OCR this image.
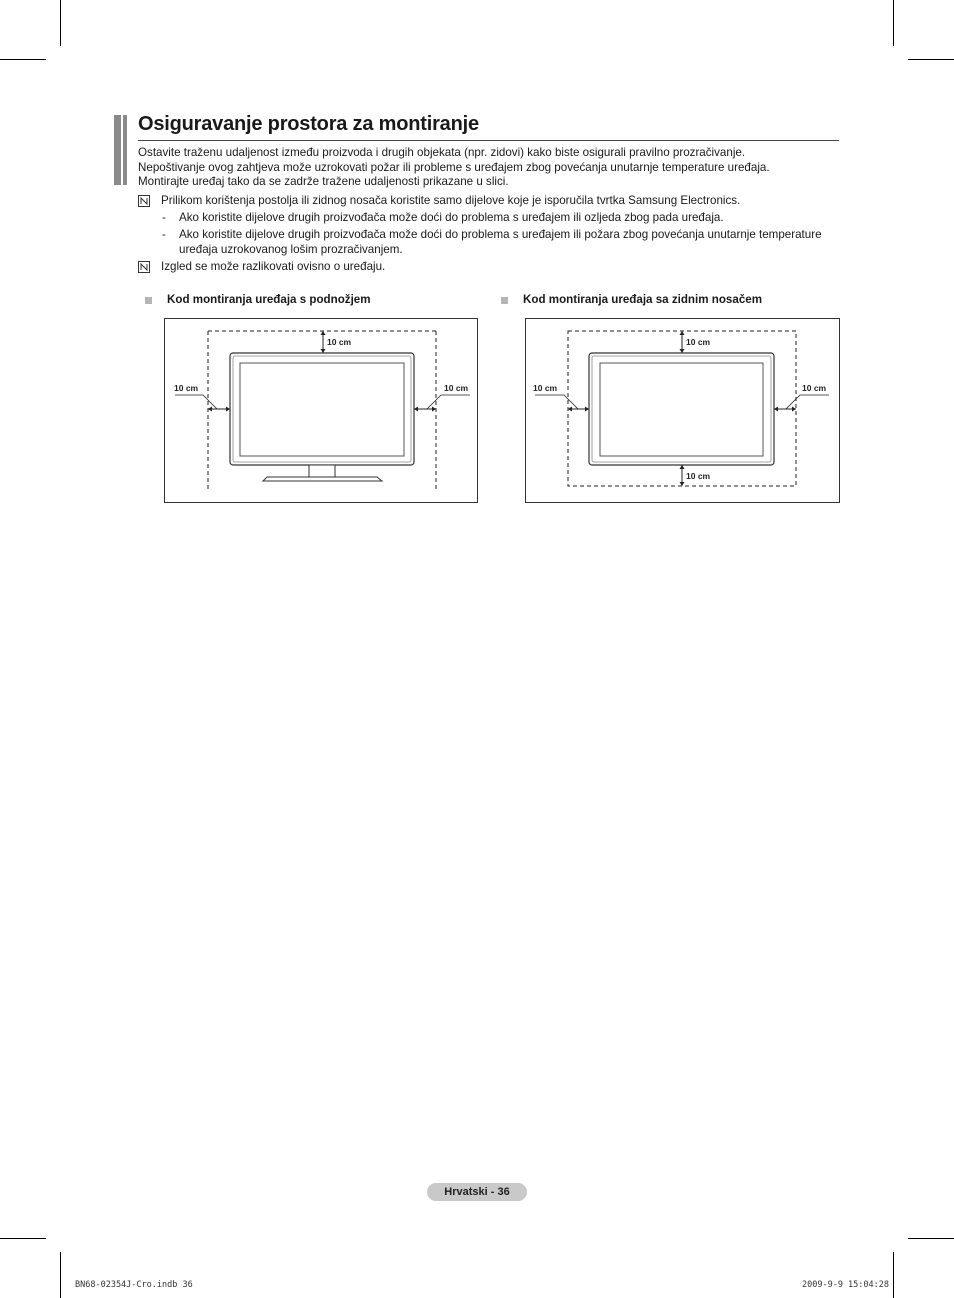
Osiguravanje prostora za montiranje

Ostavite traženu udaljenost između proizvoda i drugih objekata (npr. zidovi) kako biste osigurali pravilno prozračivanje.

Nepoštivanje ovog zahtjeva može uzrokovati požar ili probleme s uređajem zbog povećanja unutarnje temperature uređaja.

Montirajte uređaj tako da se zadrže tražene udaljenosti prikazane u slici.

Prilikom korištenja postolja ili zidnog nosača koristite samo dijelove koje je isporučila tvrtka Samsung Electronics.
- Ako koristite dijelove drugih proizvođača može doći do problema s uređajem ili ozljeda zbog pada uređaja.
- Ako koristite dijelove drugih proizvođača može doći do problema s uređajem ili požara zbog povećanja unutarnje temperature uređaja uzrokovanog lošim prozračivanjem.
Izgled se može razlikovati ovisno o uređaju.
Kod montiranja uređaja s podnožjem	Kod montiranja uređaja sa zidnim nosačem
10 cm
10 cm	10 cm
10 cm
10 cm
10 cm	10 cm
Hrvatski - 36
BN68-02354J-Cro.indb 36	2009-9-9 15:04:28
